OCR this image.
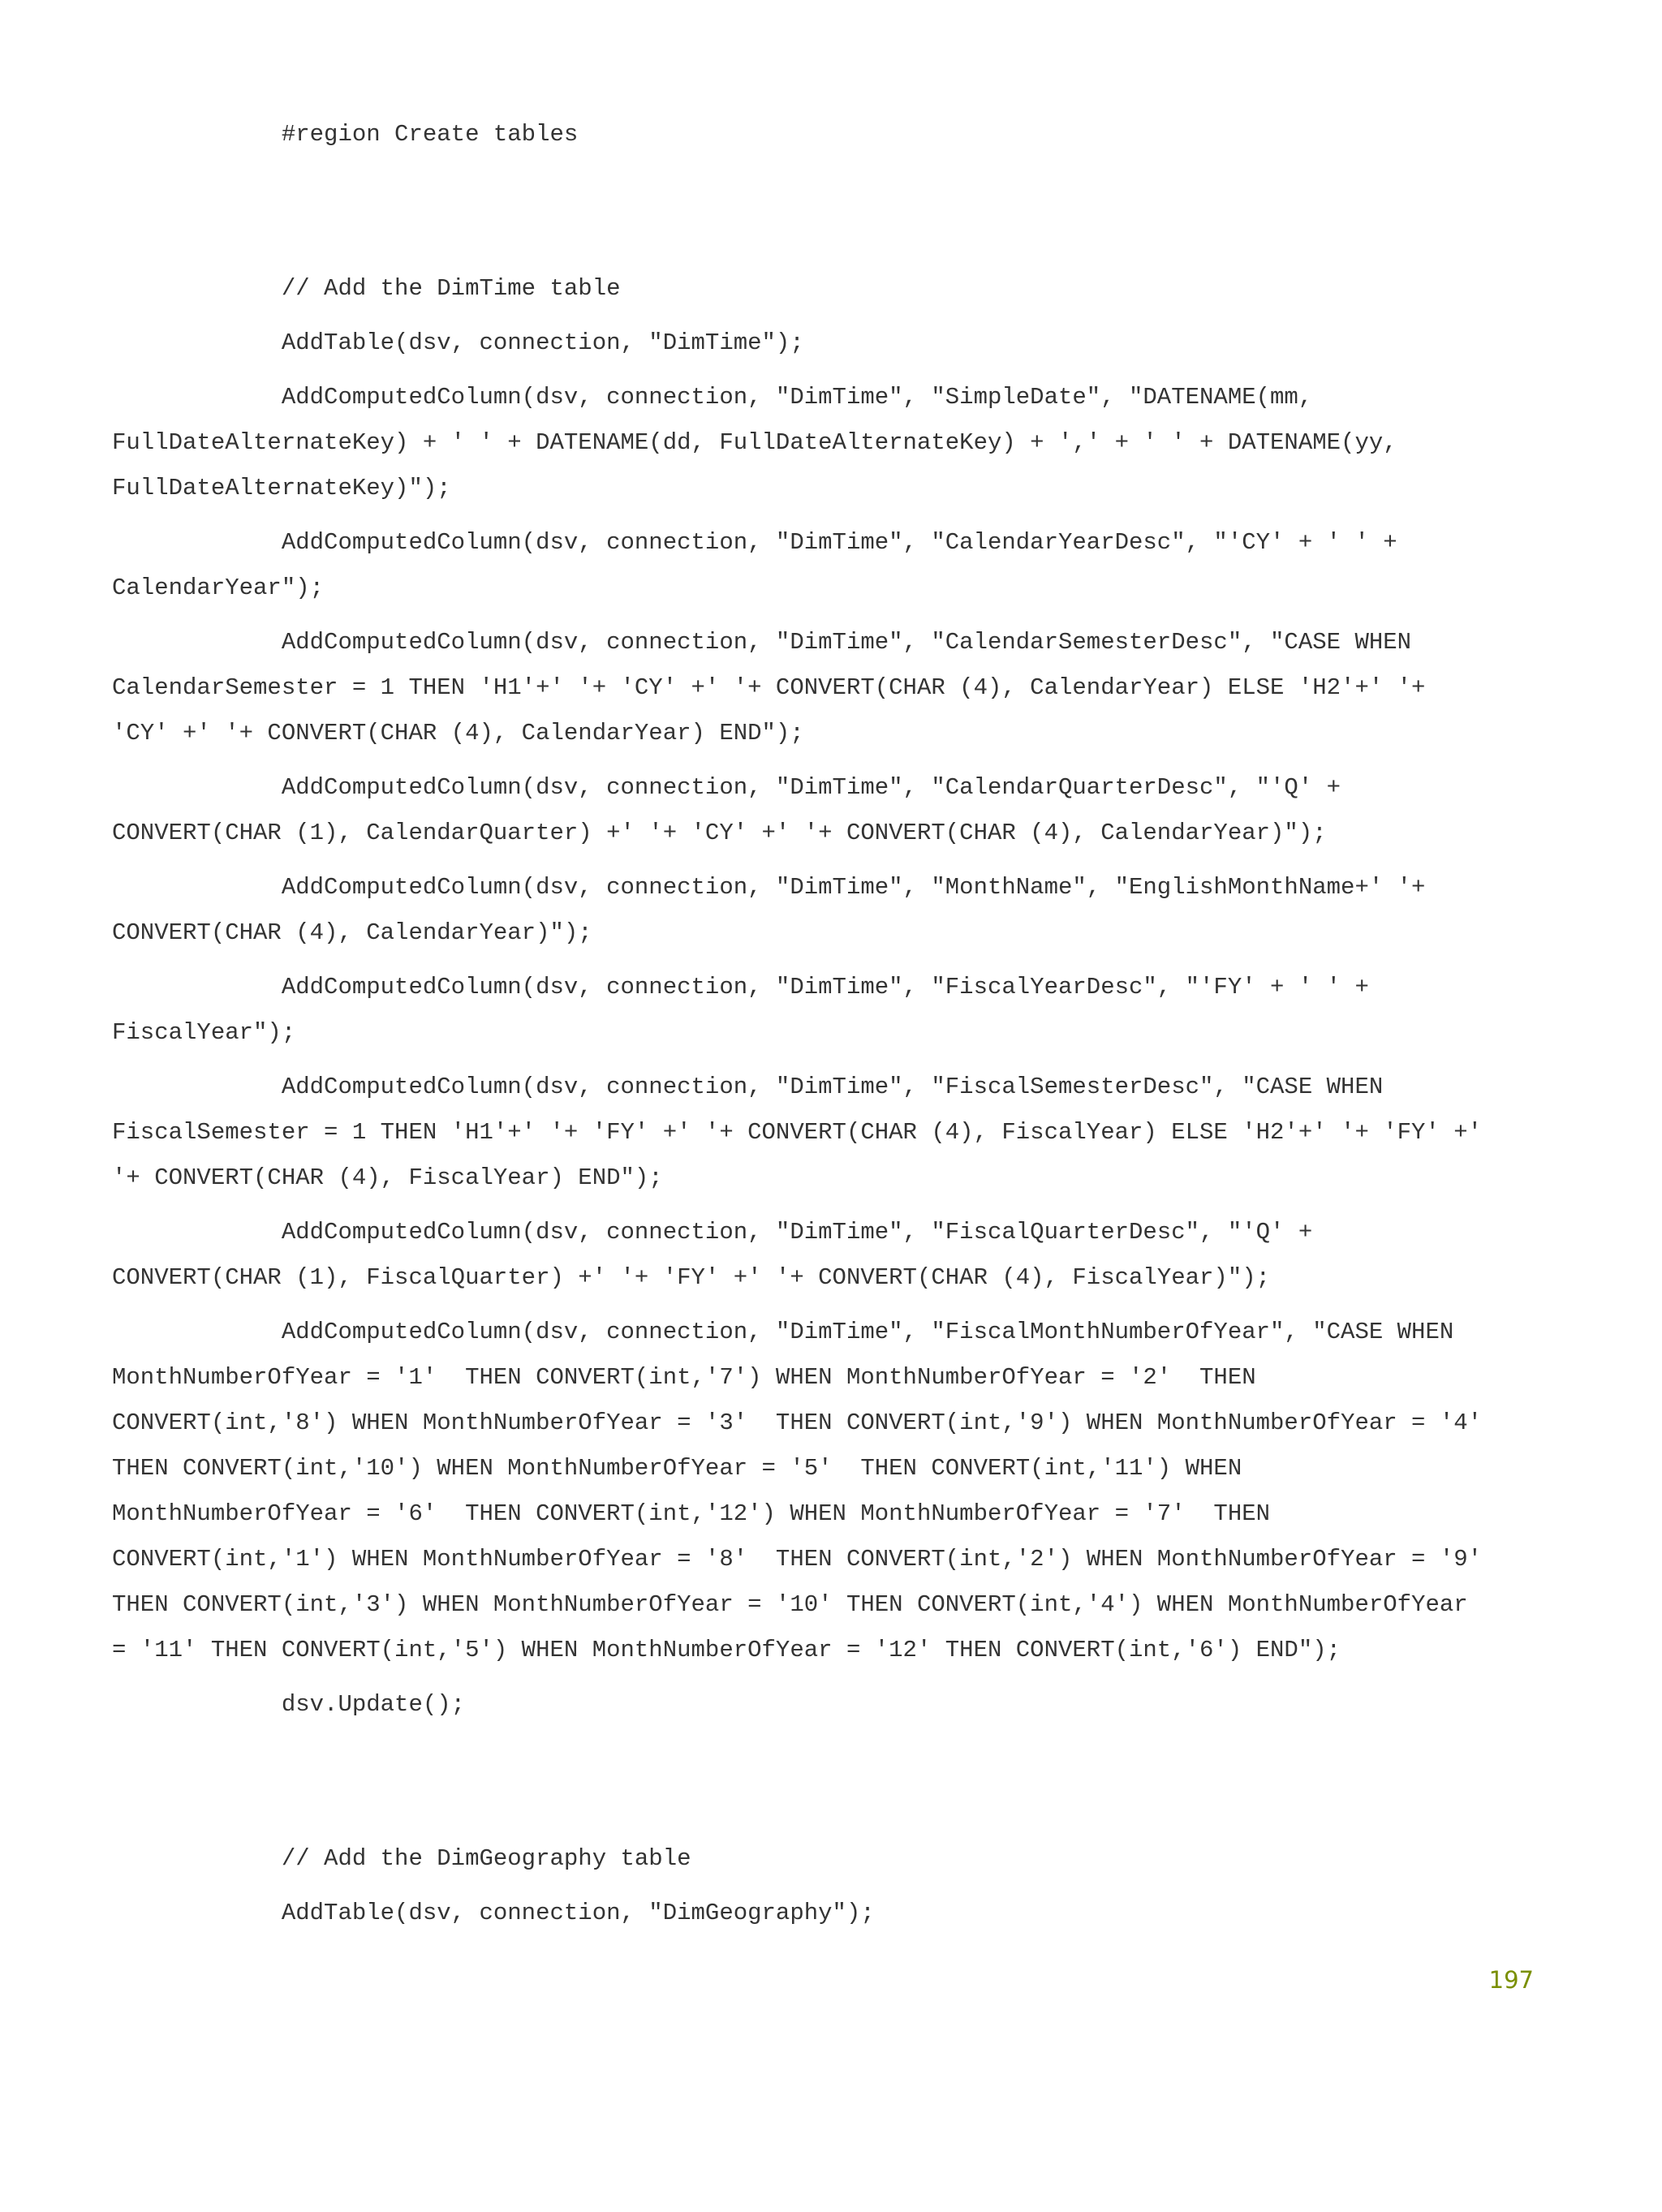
#region Create tables
// Add the DimTime table
AddTable(dsv, connection, "DimTime");
AddComputedColumn(dsv, connection, "DimTime", "SimpleDate", "DATENAME(mm,
FullDateAlternateKey) + ' ' + DATENAME(dd, FullDateAlternateKey) + ',' + ' ' + DATENAME(yy,
FullDateAlternateKey)");
AddComputedColumn(dsv, connection, "DimTime", "CalendarYearDesc", "'CY' + ' ' +
CalendarYear");
AddComputedColumn(dsv, connection, "DimTime", "CalendarSemesterDesc", "CASE WHEN
CalendarSemester = 1 THEN 'H1'+' '+ 'CY' +' '+ CONVERT(CHAR (4), CalendarYear) ELSE 'H2'+' '+
'CY' +' '+ CONVERT(CHAR (4), CalendarYear) END");
AddComputedColumn(dsv, connection, "DimTime", "CalendarQuarterDesc", "'Q' +
CONVERT(CHAR (1), CalendarQuarter) +' '+ 'CY' +' '+ CONVERT(CHAR (4), CalendarYear)");
AddComputedColumn(dsv, connection, "DimTime", "MonthName", "EnglishMonthName+' '+
CONVERT(CHAR (4), CalendarYear)");
AddComputedColumn(dsv, connection, "DimTime", "FiscalYearDesc", "'FY' + ' ' +
FiscalYear");
AddComputedColumn(dsv, connection, "DimTime", "FiscalSemesterDesc", "CASE WHEN
FiscalSemester = 1 THEN 'H1'+' '+ 'FY' +' '+ CONVERT(CHAR (4), FiscalYear) ELSE 'H2'+' '+ 'FY' +'
'+ CONVERT(CHAR (4), FiscalYear) END");
AddComputedColumn(dsv, connection, "DimTime", "FiscalQuarterDesc", "'Q' +
CONVERT(CHAR (1), FiscalQuarter) +' '+ 'FY' +' '+ CONVERT(CHAR (4), FiscalYear)");
AddComputedColumn(dsv, connection, "DimTime", "FiscalMonthNumberOfYear", "CASE WHEN
MonthNumberOfYear = '1'  THEN CONVERT(int,'7') WHEN MonthNumberOfYear = '2'  THEN
CONVERT(int,'8') WHEN MonthNumberOfYear = '3'  THEN CONVERT(int,'9') WHEN MonthNumberOfYear = '4'
THEN CONVERT(int,'10') WHEN MonthNumberOfYear = '5'  THEN CONVERT(int,'11') WHEN
MonthNumberOfYear = '6'  THEN CONVERT(int,'12') WHEN MonthNumberOfYear = '7'  THEN
CONVERT(int,'1') WHEN MonthNumberOfYear = '8'  THEN CONVERT(int,'2') WHEN MonthNumberOfYear = '9'
THEN CONVERT(int,'3') WHEN MonthNumberOfYear = '10' THEN CONVERT(int,'4') WHEN MonthNumberOfYear
= '11' THEN CONVERT(int,'5') WHEN MonthNumberOfYear = '12' THEN CONVERT(int,'6') END");
dsv.Update();
// Add the DimGeography table
AddTable(dsv, connection, "DimGeography");
197
